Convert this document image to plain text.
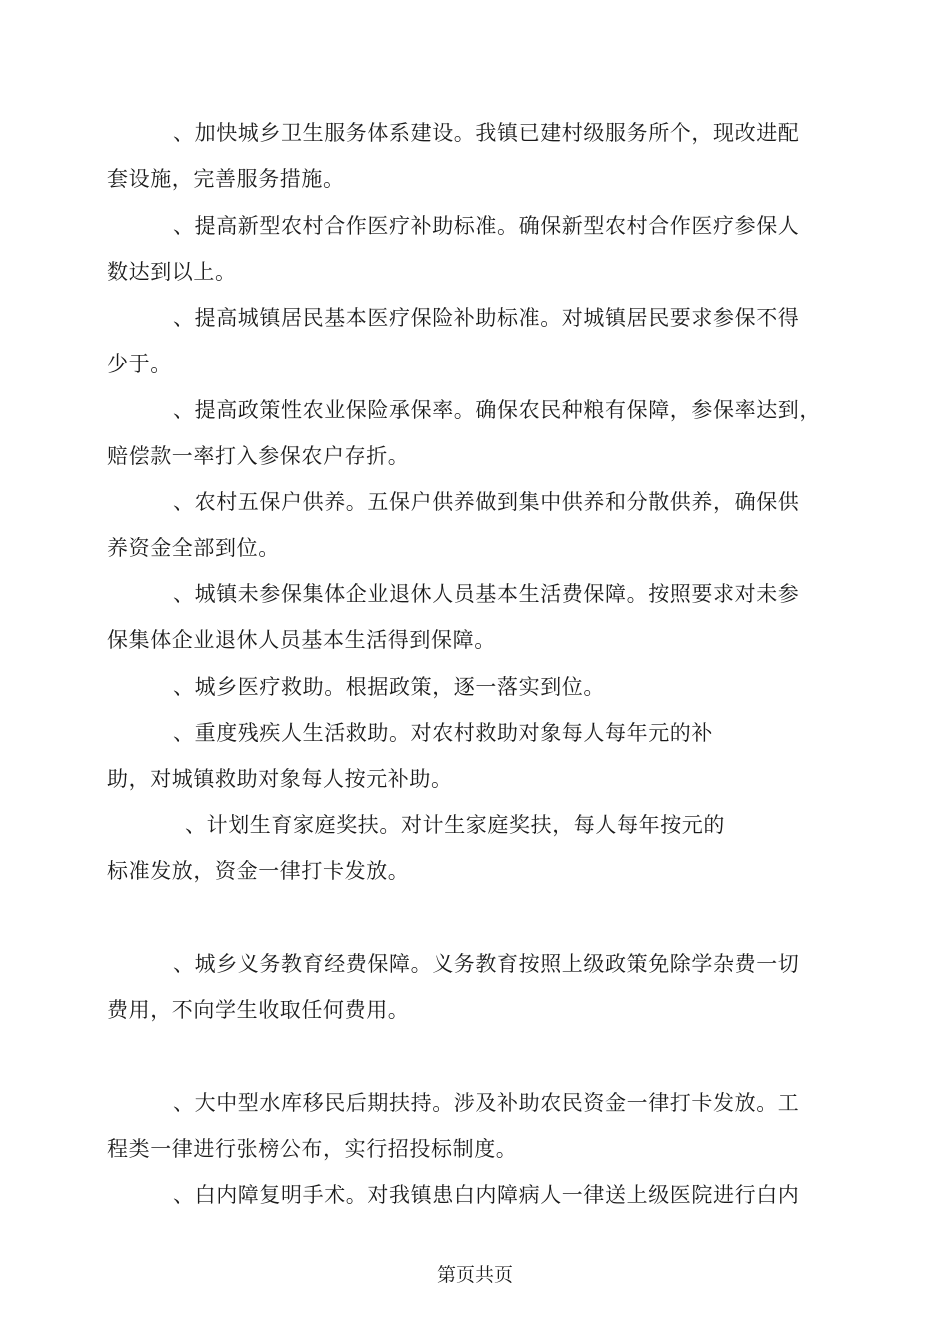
、加快城乡卫生服务体系建设。我镇已建村级服务所个，现改进配
套设施，完善服务措施。
、提高新型农村合作医疗补助标准。确保新型农村合作医疗参保人
数达到以上。
、提高城镇居民基本医疗保险补助标准。对城镇居民要求参保不得
少于。
、提高政策性农业保险承保率。确保农民种粮有保障，参保率达到，
赔偿款一率打入参保农户存折。
、农村五保户供养。五保户供养做到集中供养和分散供养，确保供
养资金全部到位。
、城镇未参保集体企业退休人员基本生活费保障。按照要求对未参
保集体企业退休人员基本生活得到保障。
、城乡医疗救助。根据政策，逐一落实到位。
、重度残疾人生活救助。对农村救助对象每人每年元的补
助，对城镇救助对象每人按元补助。
、计划生育家庭奖扶。对计生家庭奖扶，每人每年按元的
标准发放，资金一律打卡发放。
、城乡义务教育经费保障。义务教育按照上级政策免除学杂费一切
费用，不向学生收取任何费用。
、大中型水库移民后期扶持。涉及补助农民资金一律打卡发放。工
程类一律进行张榜公布，实行招投标制度。
、白内障复明手术。对我镇患白内障病人一律送上级医院进行白内
第页共页
